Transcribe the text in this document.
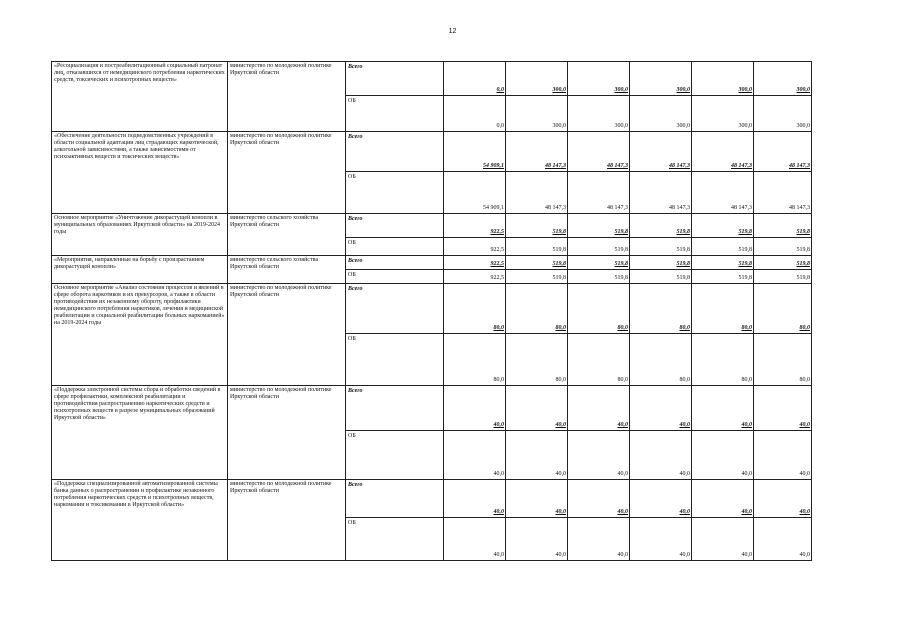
12
«Ресоциализация и постреабилитационный социальный патронат лиц, отказавшихся от немедицинского потребления наркотических средств, токсических и психотропных веществ»	министерство по молодежной политике Иркутской области	Всего	0,0	300,0	300,0	300,0	300,0	300,0
		ОБ	0,0	300,0	300,0	300,0	300,0	300,0
«Обеспечение деятельности подведомственных учреждений в области социальной адаптации лиц страдающих наркотической, алкогольной зависимостями, а также зависимостями от психоактивных веществ и токсических веществ»	министерство по молодежной политике Иркутской области	Всего	54 909,1	48 147,3	48 147,3	48 147,3	48 147,3	48 147,3
		ОБ	54 909,1	48 147,3	48 147,3	48 147,3	48 147,3	48 147,3
Основное мероприятие «Уничтожение дикорастущей конопли в муниципальных образованиях Иркутской области» на 2019-2024 годы	министерство сельского хозяйства Иркутской области	Всего	922,5	519,8	519,8	519,8	519,8	519,8
		ОБ	922,5	519,8	519,8	519,8	519,8	519,8
«Мероприятия, направленные на борьбу с произрастанием дикорастущей конопли»	министерство сельского хозяйства Иркутской области	Всего	922,5	519,8	519,8	519,8	519,8	519,8
		ОБ	922,5	519,8	519,8	519,8	519,8	519,8
Основное мероприятие «Анализ состояния процессов и явлений в сфере оборота наркотиков и их прекурсоров, а также в области противодействия их незаконному обороту, профилактики немедицинского потребления наркотиков, лечения и медицинской реабилитации и социальной реабилитации больных наркоманией» на 2019-2024 годы	министерство по молодежной политике Иркутской области	Всего	80,0	80,0	80,0	80,0	80,0	80,0
		ОБ	80,0	80,0	80,0	80,0	80,0	80,0
«Поддержка электронной системы сбора и обработки сведений в сфере профилактики, комплексной реабилитации и противодействия распространению наркотических средств и психотропных веществ в разрезе муниципальных образований Иркутской области»	министерство по молодежной политике Иркутской области	Всего	40,0	40,0	40,0	40,0	40,0	40,0
		ОБ	40,0	40,0	40,0	40,0	40,0	40,0
«Поддержка специализированной автоматизированной системы банка данных о распространении и профилактике незаконного потребления наркотических средств и психотропных веществ, наркомании и токсикомании в Иркутской области»	министерство по молодежной политике Иркутской области	Всего	40,0	40,0	40,0	40,0	40,0	40,0
		ОБ	40,0	40,0	40,0	40,0	40,0	40,0
